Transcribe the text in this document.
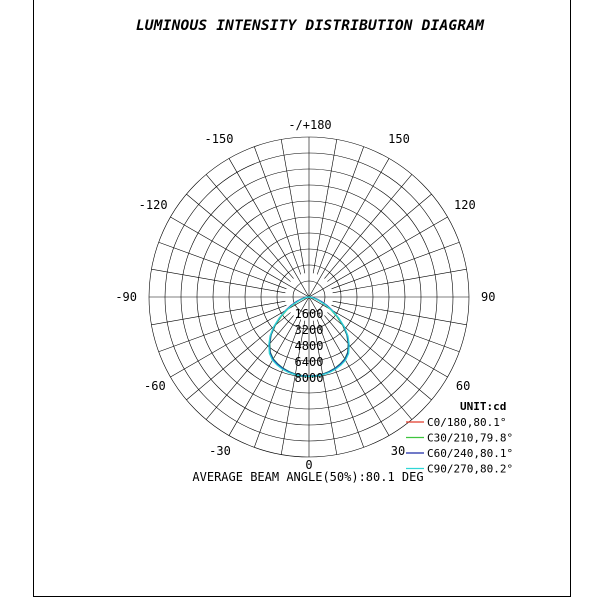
LUMINOUS INTENSITY DISTRIBUTION DIAGRAM
-/+180
150
-150
120
-120
90
-90
60
-60
30
-30
0
1600
3200
4800
6400
8000
UNIT:cd
C0/180,80.1°
C30/210,79.8°
C60/240,80.1°
C90/270,80.2°
AVERAGE BEAM ANGLE(50%):80.1 DEG
